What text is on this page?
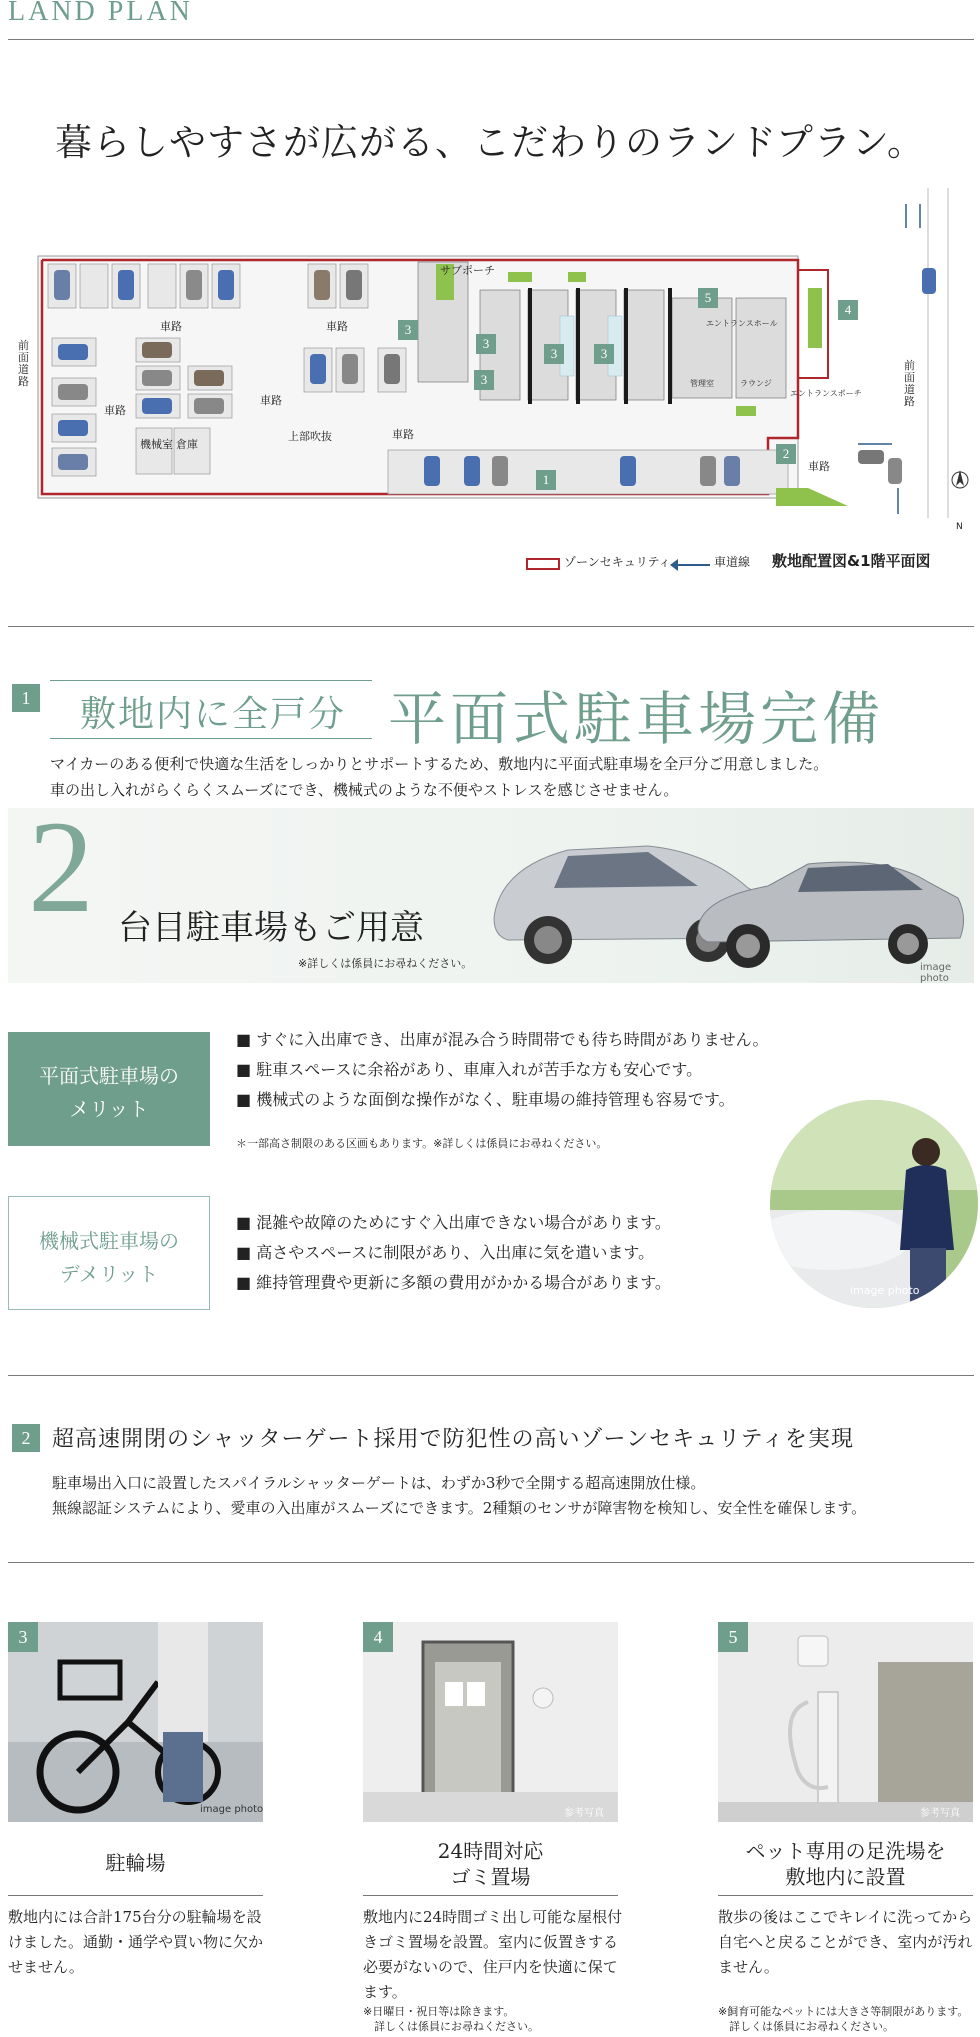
LAND PLAN
暮らしやすさが広がる、こだわりのランドプラン。
サブポーチ
前面道路
前面道路
車路	車路
車路
車路
車路
車路
機械室 倉庫
上部吹抜
エントランスホール
エントランスポーチ
ラウンジ
管理室
N
1
2
3
3
3
3	3
4
5
ゾーンセキュリティ	車道線 敷地配置図&1階平面図
1 敷地内に全戸分 平面式駐車場完備
マイカーのある便利で快適な生活をしっかりとサポートするため、敷地内に平面式駐車場を全戸分ご用意しました。
車の出し入れがらくらくスムーズにでき、機械式のような不便やストレスを感じさせません。
2 台目駐車場もご用意
※詳しくは係員にお尋ねください。	image photo
平面式駐車場の
メリット
■ すぐに入出庫でき、出庫が混み合う時間帯でも待ち時間がありません。
■ 駐車スペースに余裕があり、車庫入れが苦手な方も安心です。
■ 機械式のような面倒な操作がなく、駐車場の維持管理も容易です。
＊一部高さ制限のある区画もあります。※詳しくは係員にお尋ねください。
機械式駐車場の
デメリット
■ 混雑や故障のためにすぐ入出庫できない場合があります。
■ 高さやスペースに制限があり、入出庫に気を遣います。
■ 維持管理費や更新に多額の費用がかかる場合があります。	image photo
2 超高速開閉のシャッターゲート採用で防犯性の高いゾーンセキュリティを実現
駐車場出入口に設置したスパイラルシャッターゲートは、わずか3秒で全開する超高速開放仕様。
無線認証システムにより、愛車の入出庫がスムーズにできます。2種類のセンサが障害物を検知し、安全性を確保します。
3
image photo
駐輪場
敷地内には合計175台分の駐輪場を設けました。通勤・通学や買い物に欠かせません。
4
参考写真
24時間対応
ゴミ置場
敷地内に24時間ゴミ出し可能な屋根付きゴミ置場を設置。室内に仮置きする必要がないので、住戸内を快適に保てます。
※日曜日・祝日等は除きます。
　詳しくは係員にお尋ねください。
5
参考写真
ペット専用の足洗場を
敷地内に設置
散歩の後はここでキレイに洗ってから自宅へと戻ることができ、室内が汚れません。
※飼育可能なペットには大きさ等制限があります。
　詳しくは係員にお尋ねください。
